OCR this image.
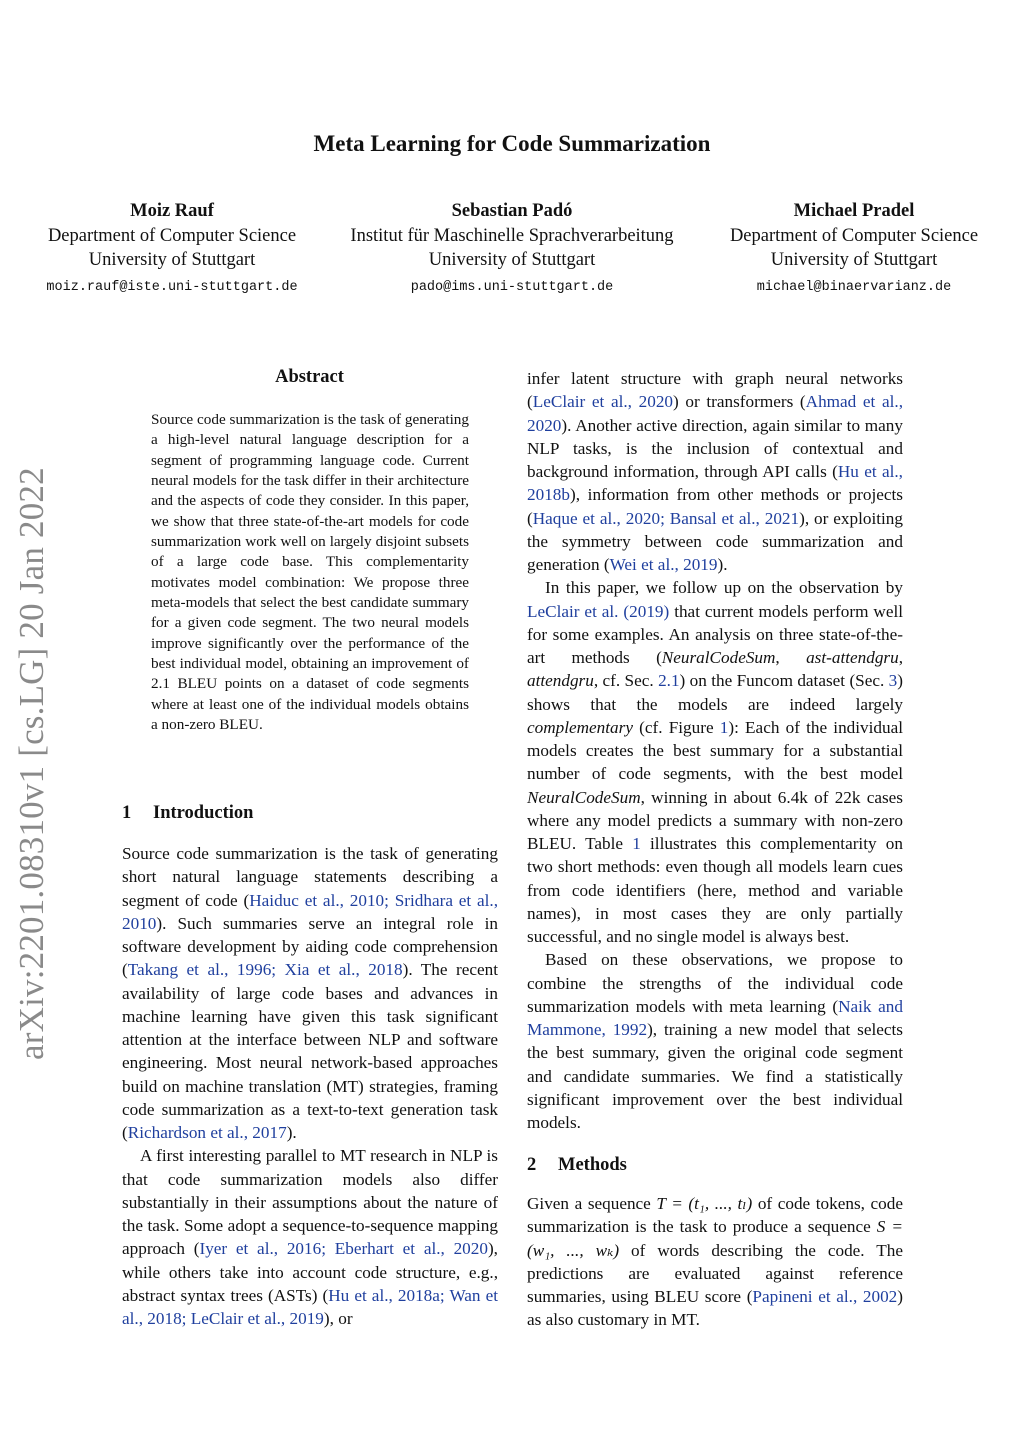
Meta Learning for Code Summarization
Moiz Rauf
Department of Computer Science
University of Stuttgart
moiz.rauf@iste.uni-stuttgart.de
Sebastian Padó
Institut für Maschinelle Sprachverarbeitung
University of Stuttgart
pado@ims.uni-stuttgart.de
Michael Pradel
Department of Computer Science
University of Stuttgart
michael@binaervarianz.de
arXiv:2201.08310v1 [cs.LG] 20 Jan 2022
Abstract
Source code summarization is the task of generating a high-level natural language description for a segment of programming language code. Current neural models for the task differ in their architecture and the aspects of code they consider. In this paper, we show that three state-of-the-art models for code summarization work well on largely disjoint subsets of a large code base. This complementarity motivates model combination: We propose three meta-models that select the best candidate summary for a given code segment. The two neural models improve significantly over the performance of the best individual model, obtaining an improvement of 2.1 BLEU points on a dataset of code segments where at least one of the individual models obtains a non-zero BLEU.
1 Introduction

Source code summarization is the task of generating short natural language statements describing a segment of code (Haiduc et al., 2010; Sridhara et al., 2010). Such summaries serve an integral role in software development by aiding code comprehension (Takang et al., 1996; Xia et al., 2018). The recent availability of large code bases and advances in machine learning have given this task significant attention at the interface between NLP and software engineering. Most neural network-based approaches build on machine translation (MT) strategies, framing code summarization as a text-to-text generation task (Richardson et al., 2017).

A first interesting parallel to MT research in NLP is that code summarization models also differ substantially in their assumptions about the nature of the task. Some adopt a sequence-to-sequence mapping approach (Iyer et al., 2016; Eberhart et al., 2020), while others take into account code structure, e.g., abstract syntax trees (ASTs) (Hu et al., 2018a; Wan et al., 2018; LeClair et al., 2019), or

infer latent structure with graph neural networks (LeClair et al., 2020) or transformers (Ahmad et al., 2020). Another active direction, again similar to many NLP tasks, is the inclusion of contextual and background information, through API calls (Hu et al., 2018b), information from other methods or projects (Haque et al., 2020; Bansal et al., 2021), or exploiting the symmetry between code summarization and generation (Wei et al., 2019).

In this paper, we follow up on the observation by LeClair et al. (2019) that current models perform well for some examples. An analysis on three state-of-the-art methods (NeuralCodeSum, ast-attendgru, attendgru, cf. Sec. 2.1) on the Funcom dataset (Sec. 3) shows that the models are indeed largely complementary (cf. Figure 1): Each of the individual models creates the best summary for a substantial number of code segments, with the best model NeuralCodeSum, winning in about 6.4k of 22k cases where any model predicts a summary with non-zero BLEU. Table 1 illustrates this complementarity on two short methods: even though all models learn cues from code identifiers (here, method and variable names), in most cases they are only partially successful, and no single model is always best.

Based on these observations, we propose to combine the strengths of the individual code summarization models with meta learning (Naik and Mammone, 1992), training a new model that selects the best summary, given the original code segment and candidate summaries. We find a statistically significant improvement over the best individual models.

2 Methods

Given a sequence T = (t₁, ..., tₗ) of code tokens, code summarization is the task to produce a sequence S = (w₁, ..., wₖ) of words describing the code. The predictions are evaluated against reference summaries, using BLEU score (Papineni et al., 2002) as also customary in MT.
